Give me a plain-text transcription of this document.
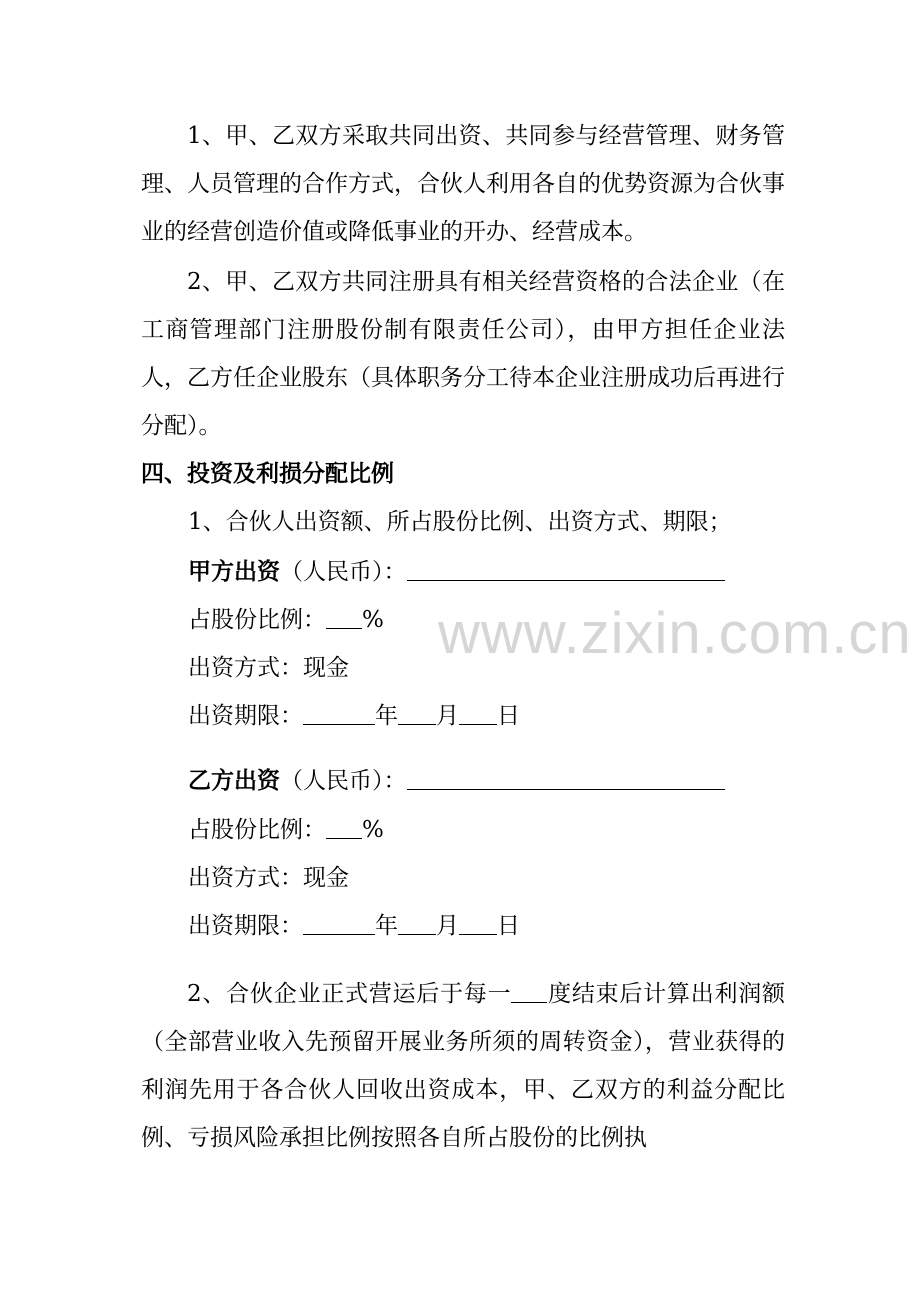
1、甲、乙双方采取共同出资、共同参与经营管理、财务管理、人员管理的合作方式，合伙人利用各自的优势资源为合伙事业的经营创造价值或降低事业的开办、经营成本。

2、甲、乙双方共同注册具有相关经营资格的合法企业（在工商管理部门注册股份制有限责任公司），由甲方担任企业法人，乙方任企业股东（具体职务分工待本企业注册成功后再进行分配）。

四、投资及利损分配比例

1、合伙人出资额、所占股份比例、出资方式、期限；

甲方出资（人民币）：

占股份比例： %

出资方式：现金

出资期限：	年 月 日

乙方出资（人民币）：

占股份比例： %

出资方式：现金

出资期限：	年 月 日

2、合伙企业正式营运后于每一 度结束后计算出利润额（全部营业收入先预留开展业务所须的周转资金），营业获得的利润先用于各合伙人回收出资成本，甲、乙双方的利益分配比例、亏损风险承担比例按照各自所占股份的比例执

www.zixin.com.cn
